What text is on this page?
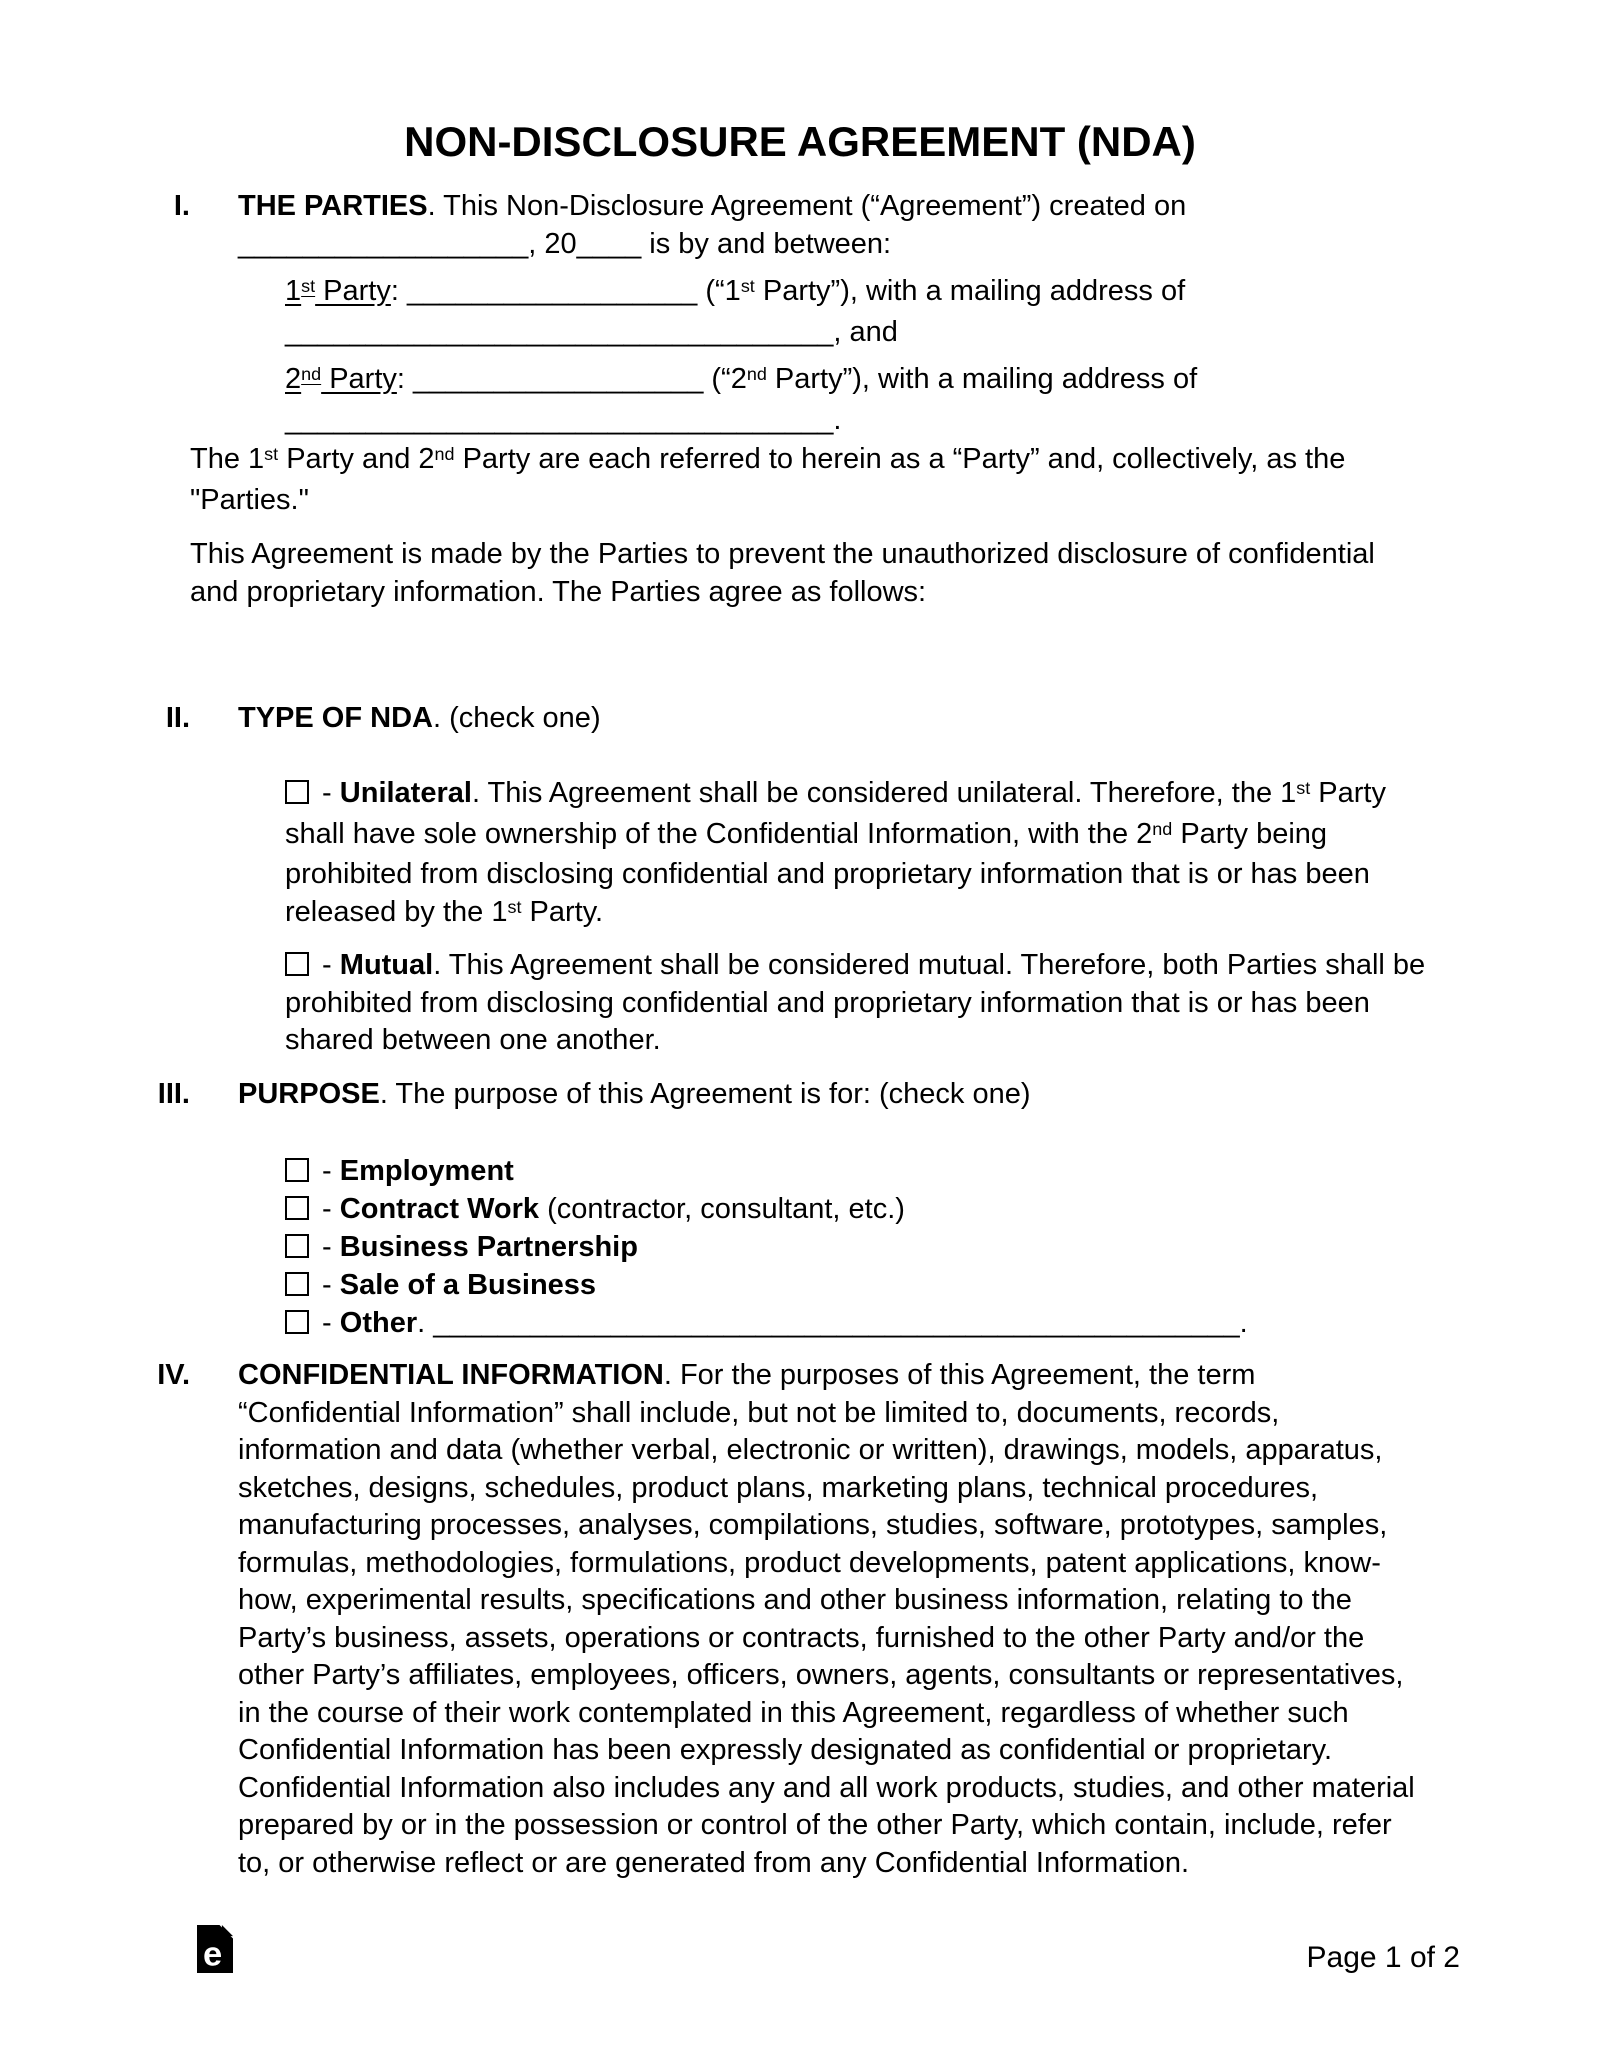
NON-DISCLOSURE AGREEMENT (NDA)
I.	THE PARTIES. This Non-Disclosure Agreement (“Agreement”) created on
__________________, 20____ is by and between:
1st Party: __________________ (“1st Party”), with a mailing address of
__________________________________, and
2nd Party: __________________ (“2nd Party”), with a mailing address of
__________________________________.
The 1st Party and 2nd Party are each referred to herein as a “Party” and, collectively, as the
"Parties."
This Agreement is made by the Parties to prevent the unauthorized disclosure of confidential
and proprietary information. The Parties agree as follows:
II.	TYPE OF NDA. (check one)
- Unilateral. This Agreement shall be considered unilateral. Therefore, the 1st Party
shall have sole ownership of the Confidential Information, with the 2nd Party being
prohibited from disclosing confidential and proprietary information that is or has been
released by the 1st Party.
- Mutual. This Agreement shall be considered mutual. Therefore, both Parties shall be
prohibited from disclosing confidential and proprietary information that is or has been
shared between one another.
III.	PURPOSE. The purpose of this Agreement is for: (check one)
- Employment
- Contract Work (contractor, consultant, etc.)
- Business Partnership
- Sale of a Business
- Other. __________________________________________________.
IV.	CONFIDENTIAL INFORMATION. For the purposes of this Agreement, the term
“Confidential Information” shall include, but not be limited to, documents, records,
information and data (whether verbal, electronic or written), drawings, models, apparatus,
sketches, designs, schedules, product plans, marketing plans, technical procedures,
manufacturing processes, analyses, compilations, studies, software, prototypes, samples,
formulas, methodologies, formulations, product developments, patent applications, know-
how, experimental results, specifications and other business information, relating to the
Party’s business, assets, operations or contracts, furnished to the other Party and/or the
other Party’s affiliates, employees, officers, owners, agents, consultants or representatives,
in the course of their work contemplated in this Agreement, regardless of whether such
Confidential Information has been expressly designated as confidential or proprietary.
Confidential Information also includes any and all work products, studies, and other material
prepared by or in the possession or control of the other Party, which contain, include, refer
to, or otherwise reflect or are generated from any Confidential Information.
e	Page 1 of 2
